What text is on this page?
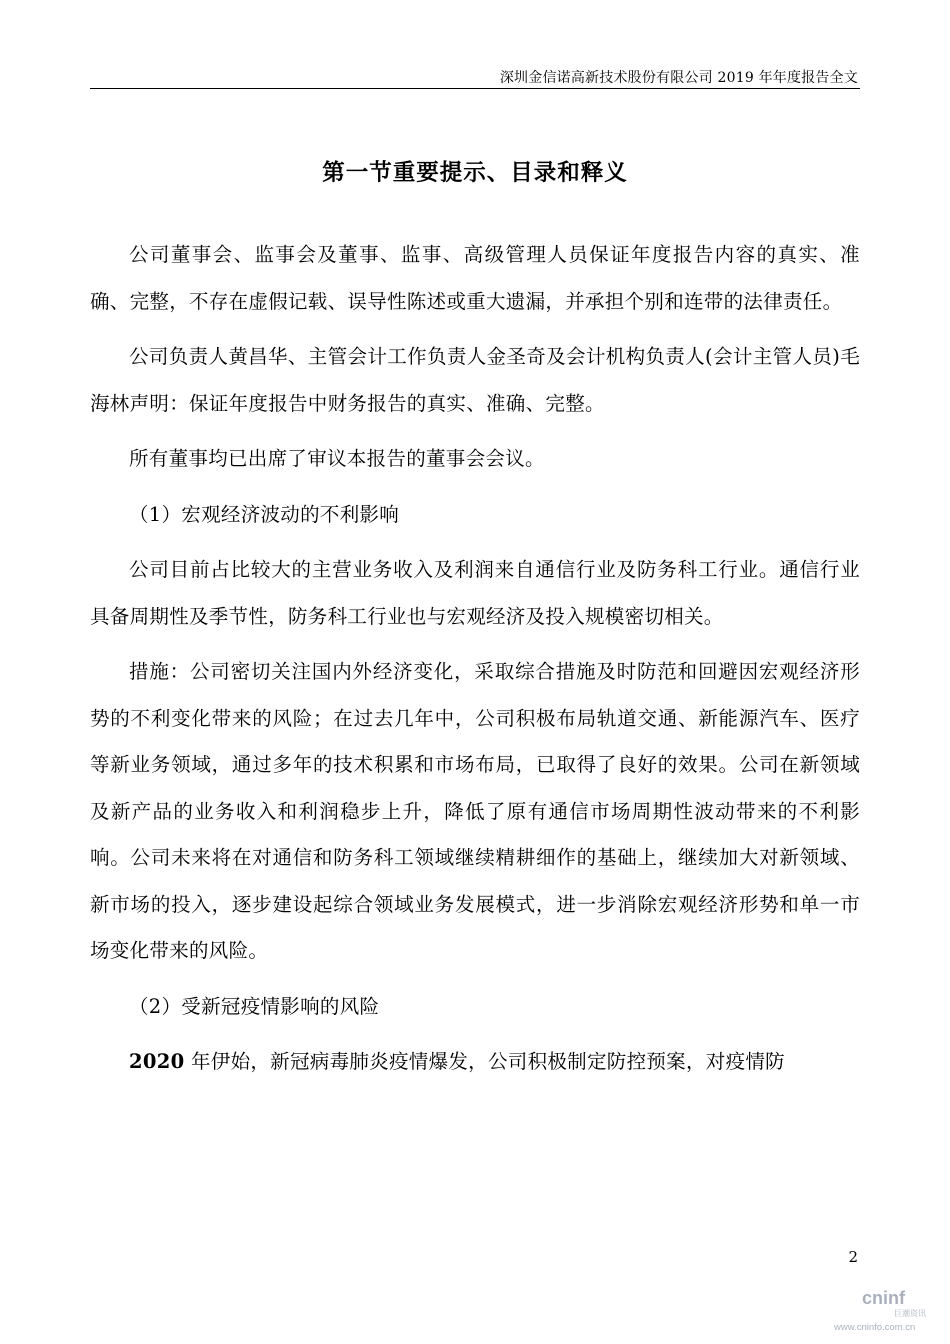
深圳金信诺高新技术股份有限公司 2019 年年度报告全文
第一节重要提示、目录和释义

公司董事会、监事会及董事、监事、高级管理人员保证年度报告内容的真实、准确、完整，不存在虚假记载、误导性陈述或重大遗漏，并承担个别和连带的法律责任。

公司负责人黄昌华、主管会计工作负责人金圣奇及会计机构负责人(会计主管人员)毛海林声明：保证年度报告中财务报告的真实、准确、完整。

所有董事均已出席了审议本报告的董事会会议。

（1）宏观经济波动的不利影响

公司目前占比较大的主营业务收入及利润来自通信行业及防务科工行业。通信行业具备周期性及季节性，防务科工行业也与宏观经济及投入规模密切相关。

措施：公司密切关注国内外经济变化，采取综合措施及时防范和回避因宏观经济形势的不利变化带来的风险；在过去几年中，公司积极布局轨道交通、新能源汽车、医疗等新业务领域，通过多年的技术积累和市场布局，已取得了良好的效果。公司在新领域及新产品的业务收入和利润稳步上升，降低了原有通信市场周期性波动带来的不利影响。公司未来将在对通信和防务科工领域继续精耕细作的基础上，继续加大对新领域、新市场的投入，逐步建设起综合领域业务发展模式，进一步消除宏观经济形势和单一市场变化带来的风险。

（2）受新冠疫情影响的风险

2020 年伊始，新冠病毒肺炎疫情爆发，公司积极制定防控预案，对疫情防

2
cninf
巨潮资讯
www.cninfo.com.cn
